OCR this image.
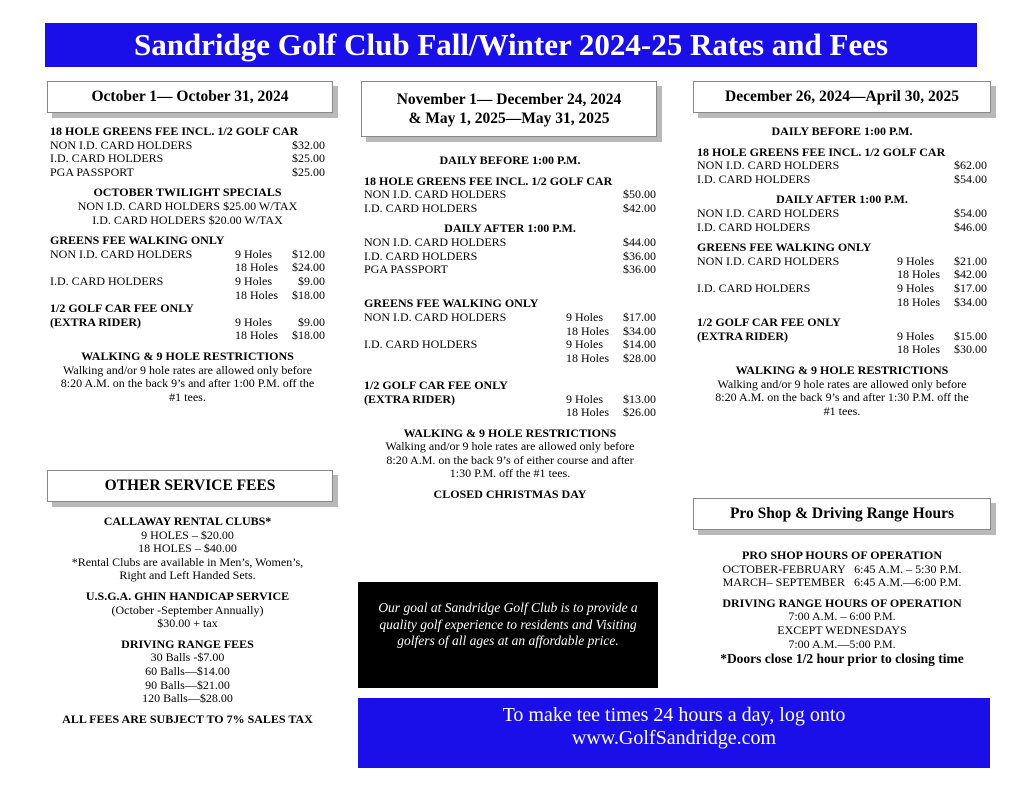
Sandridge Golf Club Fall/Winter 2024-25 Rates and Fees
October 1— October 31, 2024
18 HOLE GREENS FEE INCL. 1/2 GOLF CAR
NON I.D. CARD HOLDERS	$32.00
I.D. CARD HOLDERS	$25.00
PGA PASSPORT	$25.00
OCTOBER TWILIGHT SPECIALS
NON I.D. CARD HOLDERS $25.00 W/TAX
I.D. CARD HOLDERS $20.00 W/TAX
GREENS FEE WALKING ONLY
NON I.D. CARD HOLDERS	9 Holes	$12.00
18 Holes	$24.00
I.D. CARD HOLDERS	9 Holes	$9.00
18 Holes	$18.00
1/2 GOLF CAR FEE ONLY
(EXTRA RIDER)	9 Holes	$9.00
18 Holes	$18.00
WALKING & 9 HOLE RESTRICTIONS
Walking and/or 9 hole rates are allowed only before
8:20 A.M. on the back 9’s and after 1:00 P.M. off the
#1 tees.
OTHER SERVICE FEES
CALLAWAY RENTAL CLUBS*
9 HOLES – $20.00
18 HOLES – $40.00
*Rental Clubs are available in Men’s, Women’s,
Right and Left Handed Sets.
U.S.G.A. GHIN HANDICAP SERVICE
(October -September Annually)
$30.00 + tax
DRIVING RANGE FEES
30 Balls -$7.00
60 Balls—$14.00
90 Balls—$21.00
120 Balls—$28.00
ALL FEES ARE SUBJECT TO 7% SALES TAX
November 1— December 24, 2024
& May 1, 2025—May 31, 2025
DAILY BEFORE 1:00 P.M.
18 HOLE GREENS FEE INCL. 1/2 GOLF CAR
NON I.D. CARD HOLDERS	$50.00
I.D. CARD HOLDERS	$42.00
DAILY AFTER 1:00 P.M.
NON I.D. CARD HOLDERS	$44.00
I.D. CARD HOLDERS	$36.00
PGA PASSPORT	$36.00
GREENS FEE WALKING ONLY
NON I.D. CARD HOLDERS	9 Holes	$17.00
18 Holes	$34.00
I.D. CARD HOLDERS	9 Holes	$14.00
18 Holes	$28.00
1/2 GOLF CAR FEE ONLY
(EXTRA RIDER)	9 Holes	$13.00
18 Holes	$26.00
WALKING & 9 HOLE RESTRICTIONS
Walking and/or 9 hole rates are allowed only before
8:20 A.M. on the back 9’s of either course and after
1:30 P.M. off the #1 tees.
CLOSED CHRISTMAS DAY
Our goal at Sandridge Golf Club is to provide a quality golf experience to residents and Visiting golfers of all ages at an affordable price.
December 26, 2024—April 30, 2025
DAILY BEFORE 1:00 P.M.
18 HOLE GREENS FEE INCL. 1/2 GOLF CAR
NON I.D. CARD HOLDERS	$62.00
I.D. CARD HOLDERS	$54.00
DAILY AFTER 1:00 P.M.
NON I.D. CARD HOLDERS	$54.00
I.D. CARD HOLDERS	$46.00
GREENS FEE WALKING ONLY
NON I.D. CARD HOLDERS	9 Holes	$21.00
18 Holes	$42.00
I.D. CARD HOLDERS	9 Holes	$17.00
18 Holes	$34.00
1/2 GOLF CAR FEE ONLY
(EXTRA RIDER)	9 Holes	$15.00
18 Holes	$30.00
WALKING & 9 HOLE RESTRICTIONS
Walking and/or 9 hole rates are allowed only before
8:20 A.M. on the back 9’s and after 1:30 P.M. off the
#1 tees.
Pro Shop & Driving Range Hours
PRO SHOP HOURS OF OPERATION
OCTOBER-FEBRUARY   6:45 A.M. – 5:30 P.M.
MARCH– SEPTEMBER   6:45 A.M.—6:00 P.M.
DRIVING RANGE HOURS OF OPERATION
7:00 A.M. – 6:00 P.M.
EXCEPT WEDNESDAYS
7:00 A.M.—5:00 P.M.
*Doors close 1/2 hour prior to closing time
To make tee times 24 hours a day, log onto
www.GolfSandridge.com
